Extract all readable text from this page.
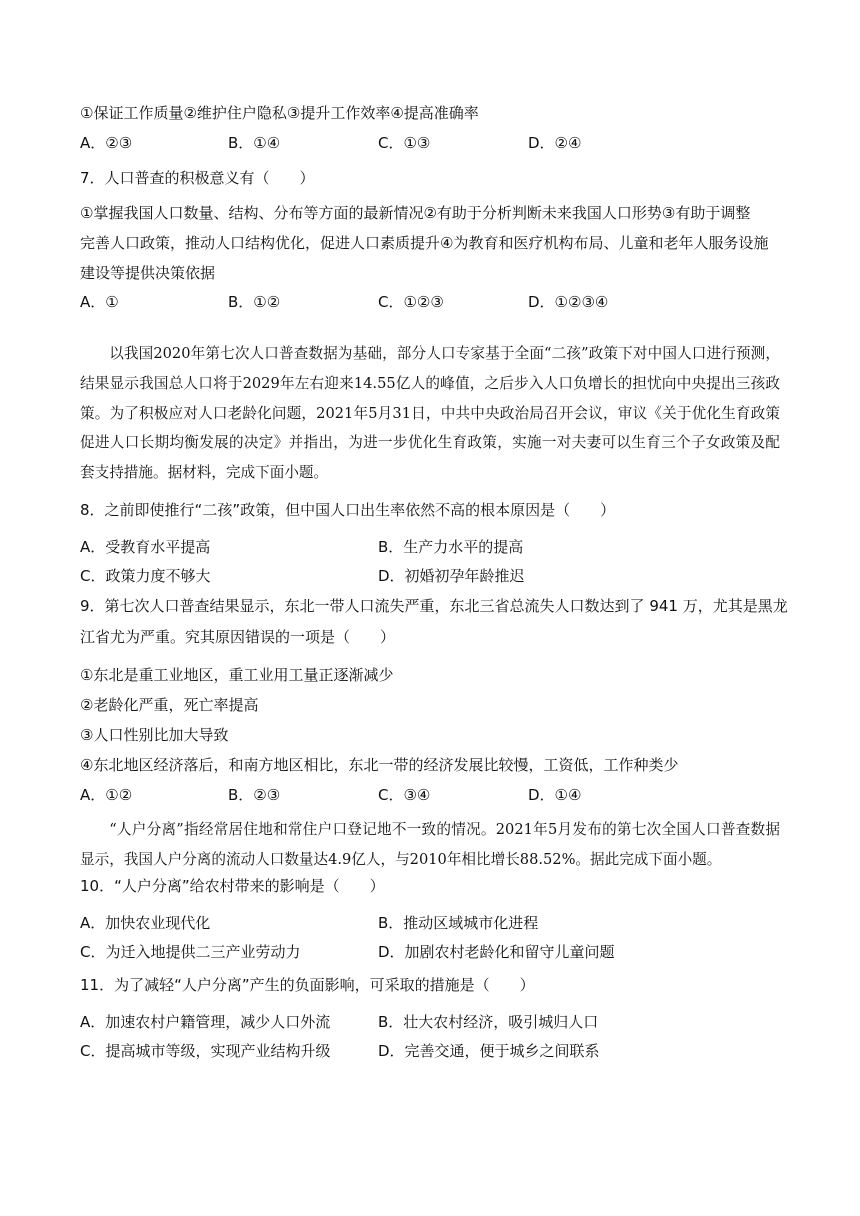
①保证工作质量②维护住户隐私③提升工作效率④提高准确率
A．②③	B．①④	C．①③	D．②④
7．人口普查的积极意义有（　　）
①掌握我国人口数量、结构、分布等方面的最新情况②有助于分析判断未来我国人口形势③有助于调整
完善人口政策，推动人口结构优化，促进人口素质提升④为教育和医疗机构布局、儿童和老年人服务设施
建设等提供决策依据
A．①	B．①②	C．①②③	D．①②③④

以我国2020年第七次人口普查数据为基础，部分人口专家基于全面“二孩”政策下对中国人口进行预测，结果显示我国总人口将于2029年左右迎来14.55亿人的峰值，之后步入人口负增长的担忧向中央提出三孩政策。为了积极应对人口老龄化问题，2021年5月31日，中共中央政治局召开会议，审议《关于优化生育政策促进人口长期均衡发展的决定》并指出，为进一步优化生育政策，实施一对夫妻可以生育三个子女政策及配套支持措施。据材料，完成下面小题。

8．之前即使推行“二孩”政策，但中国人口出生率依然不高的根本原因是（　　）
A．受教育水平提高	B．生产力水平的提高
C．政策力度不够大	D．初婚初孕年龄推迟
9．第七次人口普查结果显示，东北一带人口流失严重，东北三省总流失人口数达到了 941 万，尤其是黑龙
江省尤为严重。究其原因错误的一项是（　　）
①东北是重工业地区，重工业用工量正逐渐减少
②老龄化严重，死亡率提高
③人口性别比加大导致
④东北地区经济落后，和南方地区相比，东北一带的经济发展比较慢，工资低，工作种类少
A．①②	B．②③	C．③④	D．①④

“人户分离”指经常居住地和常住户口登记地不一致的情况。2021年5月发布的第七次全国人口普查数据显示，我国人户分离的流动人口数量达4.9亿人，与2010年相比增长88.52%。据此完成下面小题。

10．“人户分离”给农村带来的影响是（　　）
A．加快农业现代化	B．推动区域城市化进程
C．为迁入地提供二三产业劳动力	D．加剧农村老龄化和留守儿童问题
11．为了减轻“人户分离”产生的负面影响，可采取的措施是（　　）
A．加速农村户籍管理，减少人口外流	B．壮大农村经济，吸引城归人口
C．提高城市等级，实现产业结构升级	D．完善交通，便于城乡之间联系
